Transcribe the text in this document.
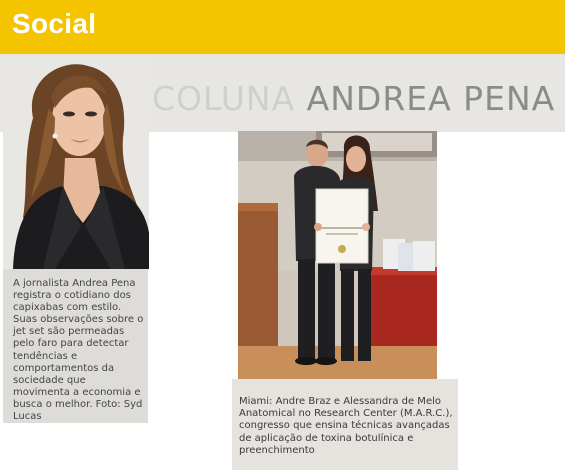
Social
COLUNA ANDREA PENA

A jornalista Andrea Pena registra o cotidiano dos capixabas com estilo. Suas observações sobre o jet set são permeadas pelo faro para detectar tendências e comportamentos da sociedade que movimenta a economia e busca o melhor. Foto: Syd Lucas

Miami: Andre Braz e Alessandra de Melo Anatomical no Research Center (M.A.R.C.), congresso que ensina técnicas avançadas de aplicação de toxina botulínica e preenchimento
